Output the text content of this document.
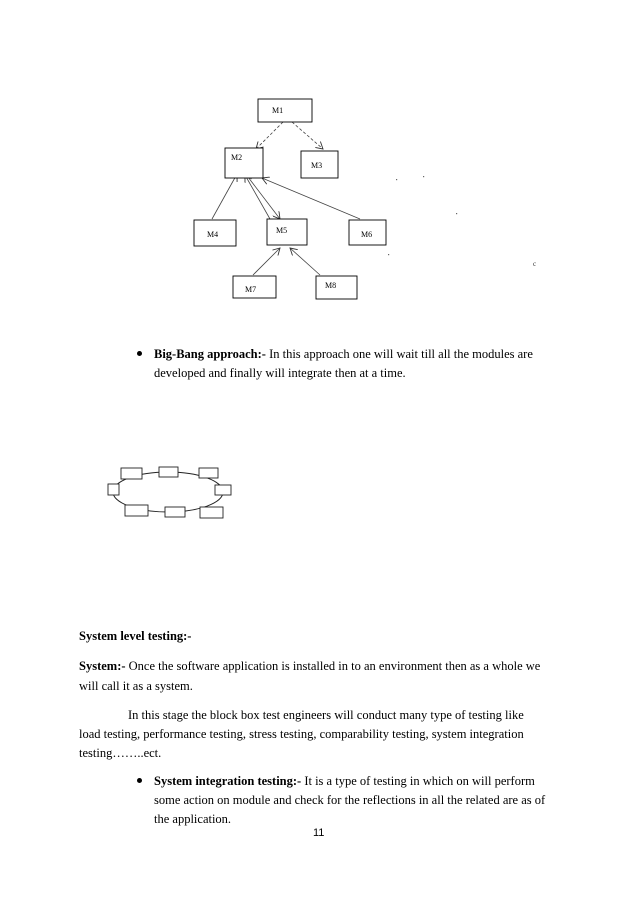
M1
M2
M3
M4	M5	M6
M7	M8
c
Big-Bang approach:- In this approach one will wait till all the modules are
developed and finally will integrate then at a time.
System level testing:-
System:- Once the software application is installed in to an environment then as a whole we
will call it as a system.
In this stage the block box test engineers will conduct many type of testing like
load testing, performance testing, stress testing, comparability testing, system integration
testing……..ect.
System integration testing:- It is a type of testing in which on will perform
some action on module and check for the reflections in all the related are as of
the application.
11
